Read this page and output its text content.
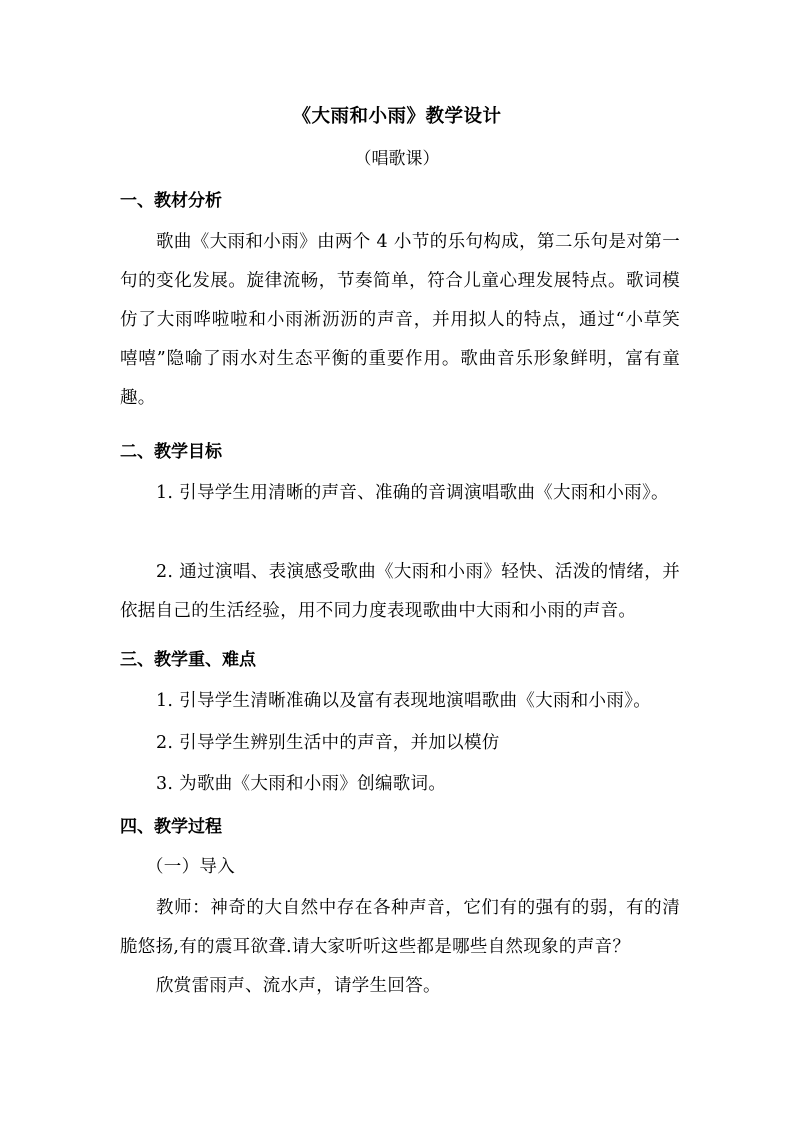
《大雨和小雨》教学设计
（唱歌课）
一、教材分析
歌曲《大雨和小雨》由两个 4 小节的乐句构成，第二乐句是对第一句的变化发展。旋律流畅，节奏简单，符合儿童心理发展特点。歌词模仿了大雨哗啦啦和小雨淅沥沥的声音，并用拟人的特点，通过“小草笑嘻嘻”隐喻了雨水对生态平衡的重要作用。歌曲音乐形象鲜明，富有童趣。
二、教学目标
1. 引导学生用清晰的声音、准确的音调演唱歌曲《大雨和小雨》。
2. 通过演唱、表演感受歌曲《大雨和小雨》轻快、活泼的情绪，并依据自己的生活经验，用不同力度表现歌曲中大雨和小雨的声音。
三、教学重、难点
1. 引导学生清晰准确以及富有表现地演唱歌曲《大雨和小雨》。
2. 引导学生辨别生活中的声音，并加以模仿
3. 为歌曲《大雨和小雨》创编歌词。
四、教学过程
（一）导入
教师：神奇的大自然中存在各种声音，它们有的强有的弱，有的清脆悠扬,有的震耳欲聋.请大家听听这些都是哪些自然现象的声音？
欣赏雷雨声、流水声，请学生回答。
